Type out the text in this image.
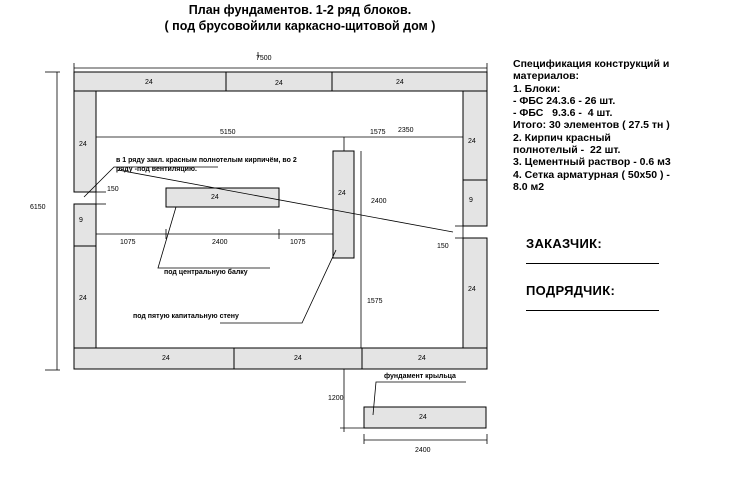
План фундаментов. 1-2 ряд блоков.
( под брусовойили каркасно-щитовой дом )
7500
6150
24	24	24
24	24	24
24
9
24
24
9
24
24
24
5150	1575 2350
1075	2400	1075
2400
1575
150
150
в 1 ряду закл. красным полнотелым кирпичём, во 2
ряду -под вентиляцию.
под центральную балку
под пятую капитальную стену
1200
24
фундамент крыльца
2400
Спецификация конструкций и
материалов:
1. Блоки:
- ФБС 24.3.6 - 26 шт.
- ФБС   9.3.6 -  4 шт.
Итого: 30 элементов ( 27.5 тн )
2. Кирпич красный
полнотелый -  22 шт.
3. Цементный раствор - 0.6 м3
4. Сетка арматурная ( 50х50 ) -
8.0 м2
ЗАКАЗЧИК:
ПОДРЯДЧИК:
